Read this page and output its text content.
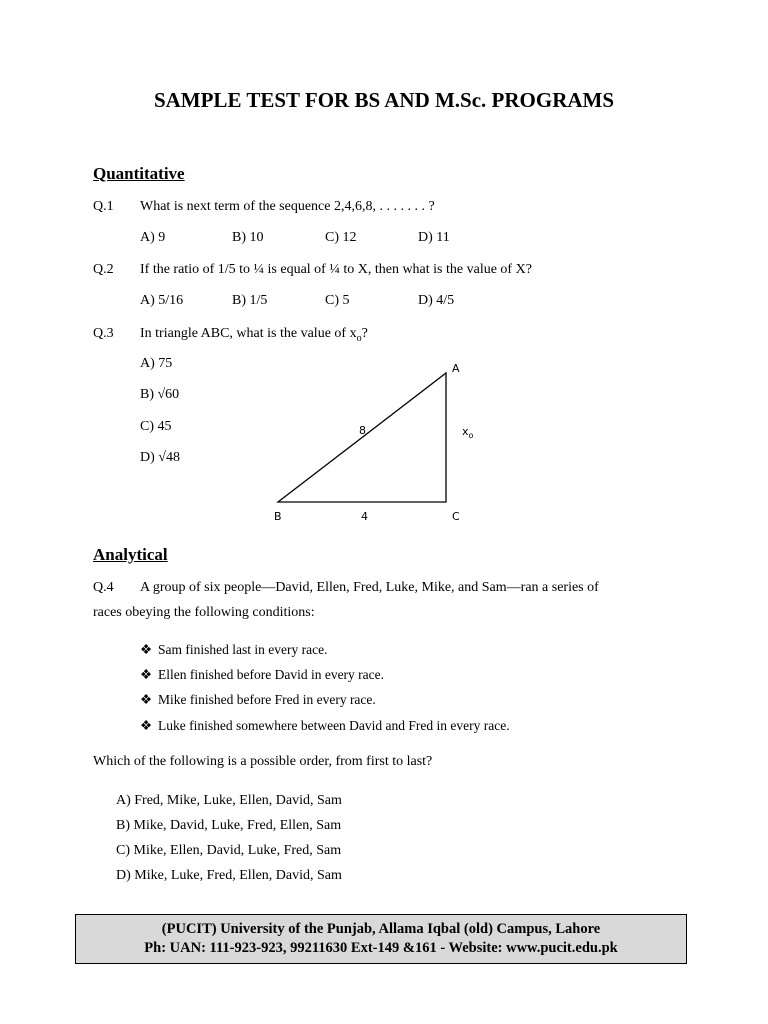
SAMPLE TEST FOR BS AND M.Sc. PROGRAMS
Quantitative
Q.1 What is next term of the sequence 2,4,6,8, . . . . . . . ?
A) 9	B) 10	C) 12	D) 11
Q.2 If the ratio of 1/5 to ¼ is equal of ¼ to X, then what is the value of X?
A) 5/16	B) 1/5	C) 5	D) 4/5
Q.3 In triangle ABC, what is the value of $x_o$?
A) 75
B) √60
C) 45
D) √48
A
B	C
8
4
$x_o$
Analytical
Q.4 A group of six people—David, Ellen, Fred, Luke, Mike, and Sam—ran a series of
races obeying the following conditions:
❖ Sam finished last in every race.
❖ Ellen finished before David in every race.
❖ Mike finished before Fred in every race.
❖ Luke finished somewhere between David and Fred in every race.
Which of the following is a possible order, from first to last?
A) Fred, Mike, Luke, Ellen, David, Sam
B) Mike, David, Luke, Fred, Ellen, Sam
C) Mike, Ellen, David, Luke, Fred, Sam
D) Mike, Luke, Fred, Ellen, David, Sam
(PUCIT) University of the Punjab, Allama Iqbal (old) Campus, Lahore
Ph: UAN: 111-923-923, 99211630 Ext-149 &161 - Website: www.pucit.edu.pk
